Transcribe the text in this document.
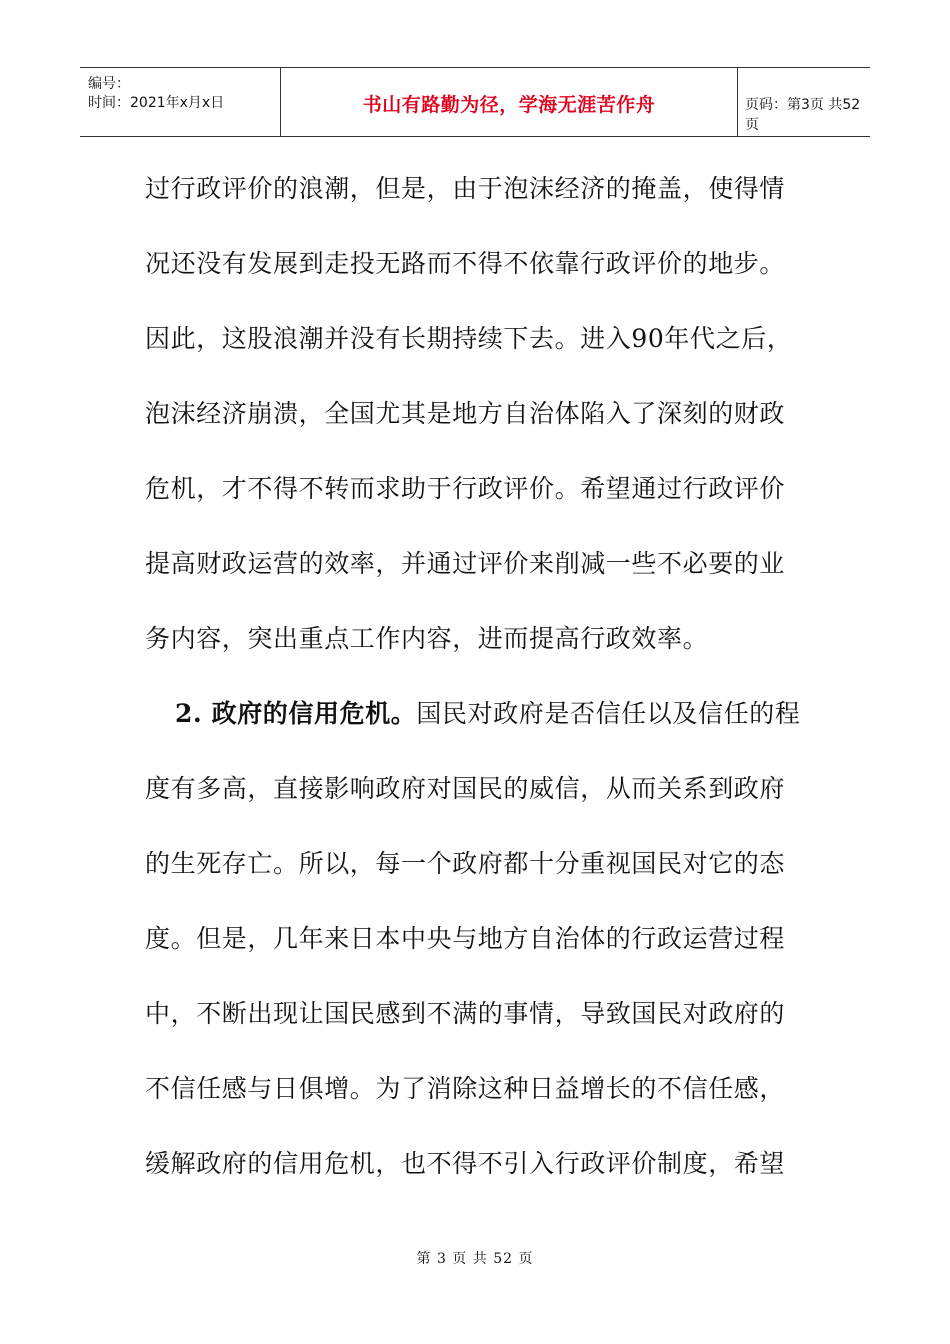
编号：
时间：2021年x月x日	书山有路勤为径，学海无涯苦作舟	页码：第3页 共52页
过行政评价的浪潮，但是，由于泡沫经济的掩盖，使得情
况还没有发展到走投无路而不得不依靠行政评价的地步。
因此，这股浪潮并没有长期持续下去。进入90年代之后，
泡沫经济崩溃，全国尤其是地方自治体陷入了深刻的财政
危机，才不得不转而求助于行政评价。希望通过行政评价
提高财政运营的效率，并通过评价来削减一些不必要的业
务内容，突出重点工作内容，进而提高行政效率。
2. 政府的信用危机。国民对政府是否信任以及信任的程
度有多高，直接影响政府对国民的威信，从而关系到政府
的生死存亡。所以，每一个政府都十分重视国民对它的态
度。但是，几年来日本中央与地方自治体的行政运营过程
中，不断出现让国民感到不满的事情，导致国民对政府的
不信任感与日俱增。为了消除这种日益增长的不信任感，
缓解政府的信用危机，也不得不引入行政评价制度，希望
第 3 页 共 52 页
